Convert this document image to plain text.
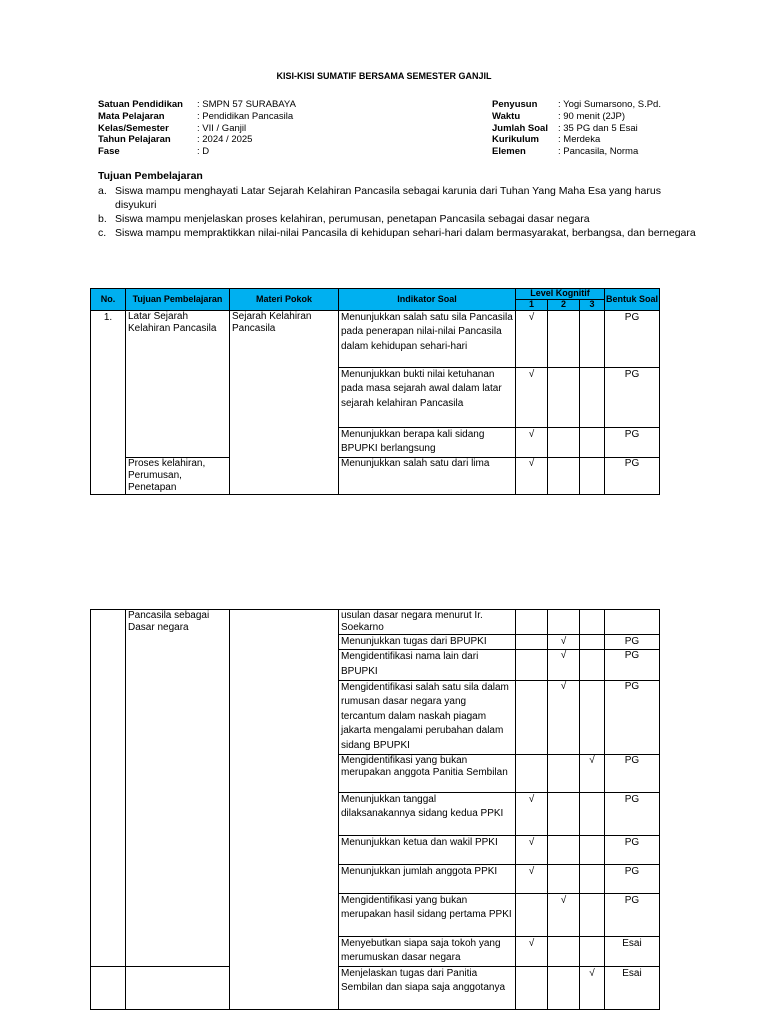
KISI-KISI SUMATIF BERSAMA SEMESTER GANJIL
Satuan Pendidikan	: SMPN 57 SURABAYA
Mata Pelajaran	: Pendidikan Pancasila
Kelas/Semester	: VII / Ganjil
Tahun Pelajaran	: 2024 / 2025
Fase	: D
Penyusun	: Yogi Sumarsono, S.Pd.
Waktu	: 90 menit (2JP)
Jumlah Soal	: 35 PG dan 5 Esai
Kurikulum	: Merdeka
Elemen	: Pancasila, Norma
Tujuan Pembelajaran
a. Siswa mampu menghayati Latar Sejarah Kelahiran Pancasila sebagai karunia dari Tuhan Yang Maha Esa yang harus disyukuri
b. Siswa mampu menjelaskan proses kelahiran, perumusan, penetapan Pancasila sebagai dasar negara
c. Siswa mampu mempraktikkan nilai-nilai Pancasila di kehidupan sehari-hari dalam bermasyarakat, berbangsa, dan bernegara
No.	Tujuan Pembelajaran	Materi Pokok	Indikator Soal	Level Kognitif			Bentuk Soal
				1	2	3	
1.	Latar Sejarah Kelahiran Pancasila	Sejarah Kelahiran Pancasila	Menunjukkan salah satu sila Pancasila pada penerapan nilai-nilai Pancasila dalam kehidupan sehari-hari	√			PG
			Menunjukkan bukti nilai ketuhanan pada masa sejarah awal dalam latar sejarah kelahiran Pancasila	√			PG
			Menunjukkan berapa kali sidang BPUPKI berlangsung	√			PG
	Proses kelahiran, Perumusan, Penetapan		Menunjukkan salah satu dari lima	√			PG
	Pancasila sebagai Dasar negara		usulan dasar negara menurut Ir. Soekarno				
			Menunjukkan tugas dari BPUPKI		√		PG
			Mengidentifikasi nama lain dari BPUPKI		√		PG
			Mengidentifikasi salah satu sila dalam rumusan dasar negara yang tercantum dalam naskah piagam jakarta mengalami perubahan dalam sidang BPUPKI		√		PG
			Mengidentifikasi yang bukan merupakan anggota Panitia Sembilan			√	PG
			Menunjukkan tanggal dilaksanakannya sidang kedua PPKI	√			PG
			Menunjukkan ketua dan wakil PPKI	√			PG
			Menunjukkan jumlah anggota PPKI	√			PG
			Mengidentifikasi yang bukan merupakan hasil sidang pertama PPKI		√		PG
			Menyebutkan siapa saja tokoh yang merumuskan dasar negara	√			Esai
			Menjelaskan tugas dari Panitia Sembilan dan siapa saja anggotanya			√	Esai
